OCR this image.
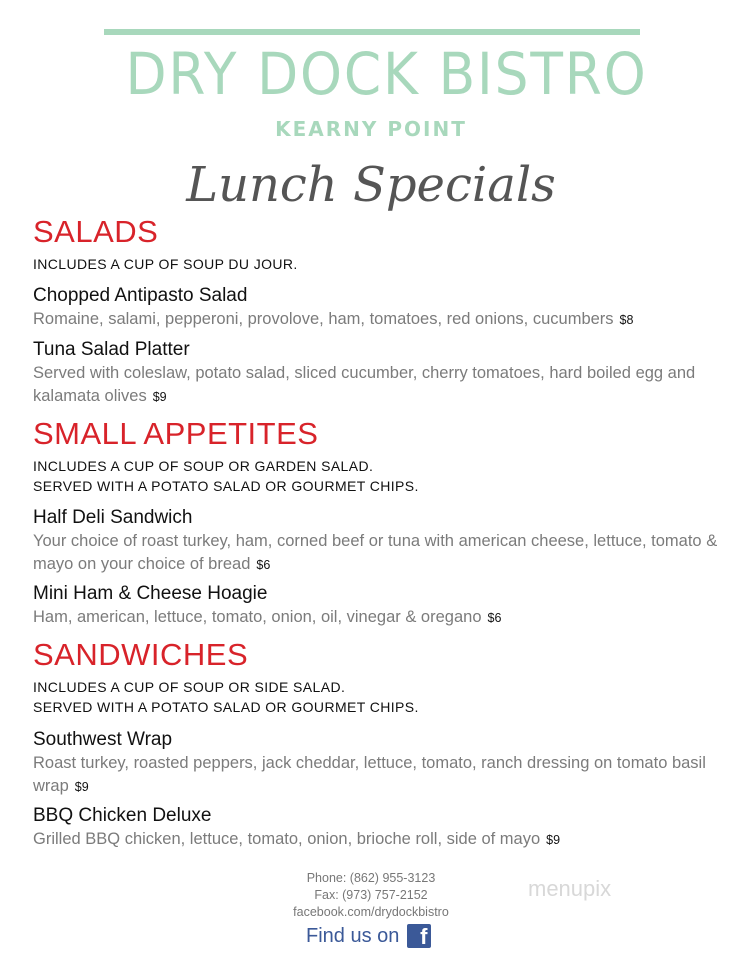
DRY DOCK BISTRO
KEARNY POINT
Lunch Specials
SALADS
INCLUDES A CUP OF SOUP DU JOUR.
Chopped Antipasto Salad
Romaine, salami, pepperoni, provolove, ham, tomatoes, red onions, cucumbers $8
Tuna Salad Platter
Served with coleslaw, potato salad, sliced cucumber, cherry tomatoes, hard boiled egg and kalamata olives $9
SMALL APPETITES
INCLUDES A CUP OF SOUP OR GARDEN SALAD.
SERVED WITH A POTATO SALAD OR GOURMET CHIPS.
Half Deli Sandwich
Your choice of roast turkey, ham, corned beef or tuna with american cheese, lettuce, tomato & mayo on your choice of bread $6
Mini Ham & Cheese Hoagie
Ham, american, lettuce, tomato, onion, oil, vinegar & oregano $6
SANDWICHES
INCLUDES A CUP OF SOUP OR SIDE SALAD.
SERVED WITH A POTATO SALAD OR GOURMET CHIPS.
Southwest Wrap
Roast turkey, roasted peppers, jack cheddar, lettuce, tomato, ranch dressing on tomato basil wrap $9
BBQ Chicken Deluxe
Grilled BBQ chicken, lettuce, tomato, onion, brioche roll, side of mayo $9
Phone: (862) 955-3123
Fax: (973) 757-2152
facebook.com/drydockbistro
Find us on f
menupix
